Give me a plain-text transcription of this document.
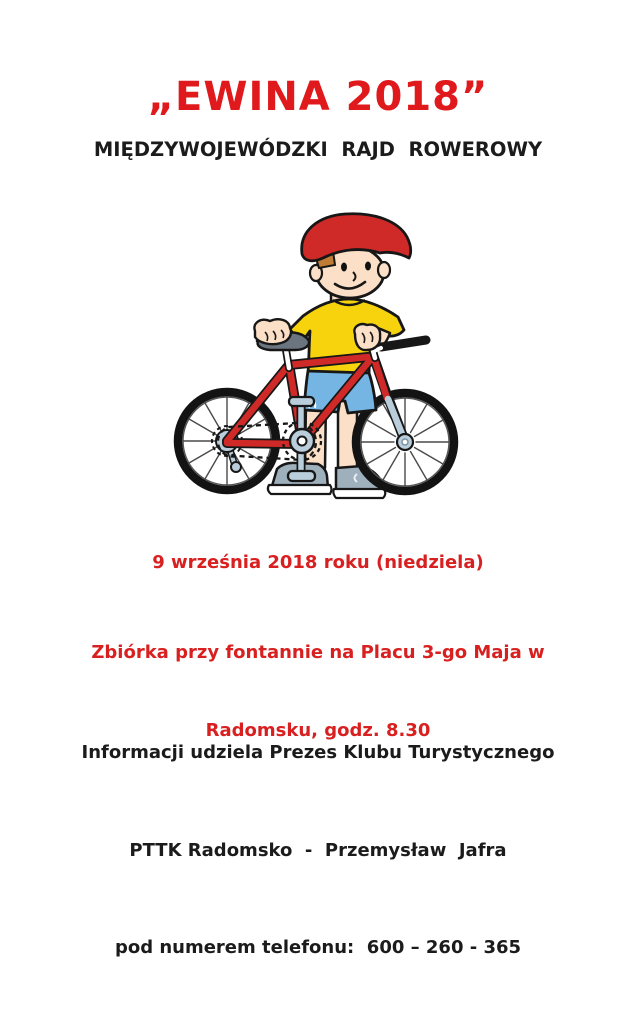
„EWINA 2018”
MIĘDZYWOJEWÓDZKI  RAJD  ROWEROWY
9 września 2018 roku (niedziela)

Zbiórka przy fontannie na Placu 3-go Maja w

Radomsku, godz. 8.30

Informacji udziela Prezes Klubu Turystycznego

PTTK Radomsko  -  Przemysław  Jafra

pod numerem telefonu:  600 – 260 - 365
